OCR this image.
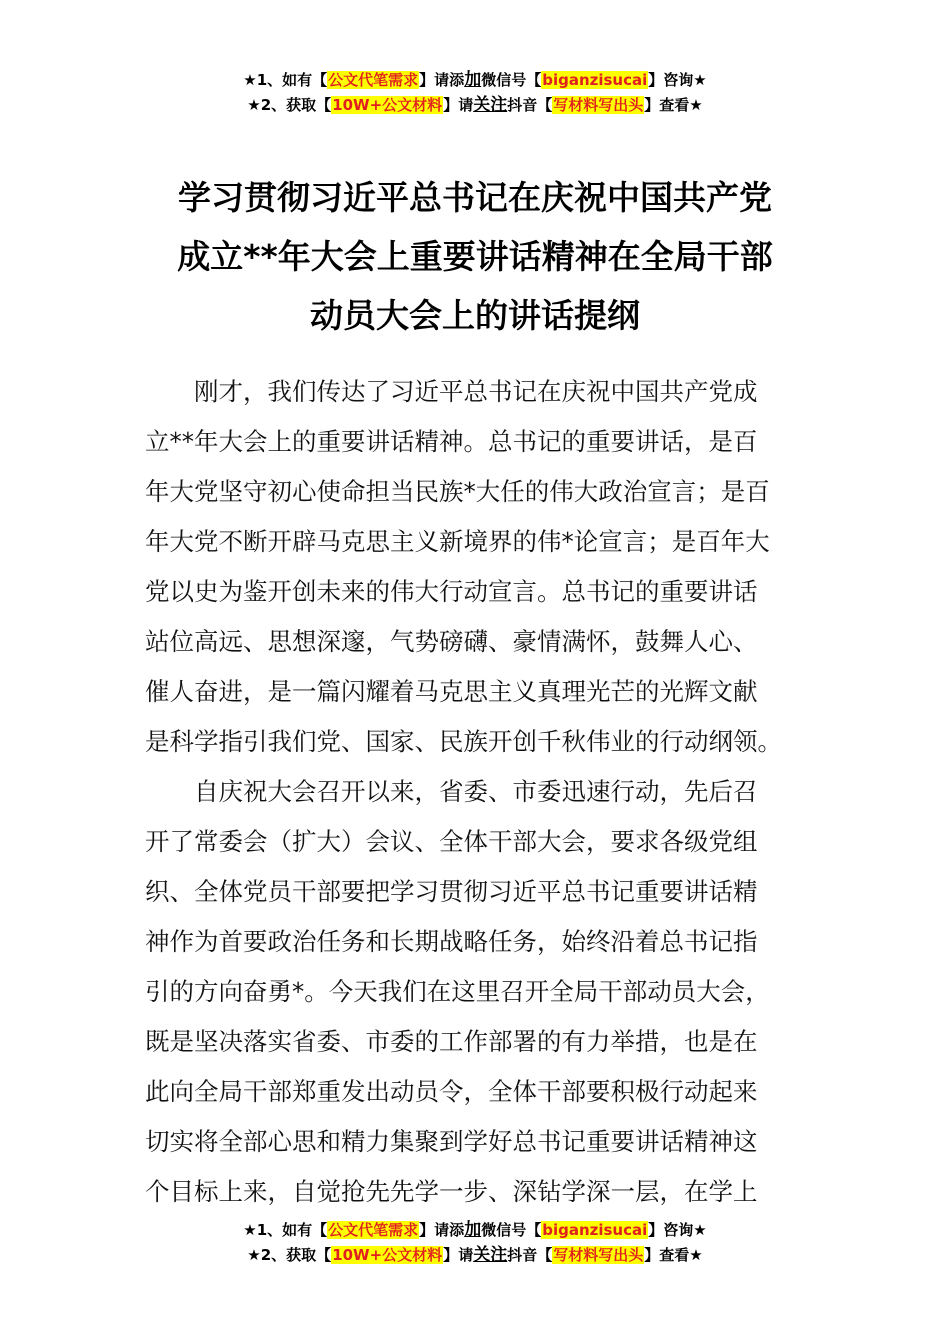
★1、如有【公文代笔需求】请添加微信号【biganzisucai】咨询★
★2、获取【10W+公文材料】请关注抖音【写材料写出头】查看★
学习贯彻习近平总书记在庆祝中国共产党
成立**年大会上重要讲话精神在全局干部
动员大会上的讲话提纲
刚才，我们传达了习近平总书记在庆祝中国共产党成
立**年大会上的重要讲话精神。总书记的重要讲话，是百
年大党坚守初心使命担当民族*大任的伟大政治宣言；是百
年大党不断开辟马克思主义新境界的伟*论宣言；是百年大
党以史为鉴开创未来的伟大行动宣言。总书记的重要讲话
站位高远、思想深邃，气势磅礴、豪情满怀，鼓舞人心、
催人奋进，是一篇闪耀着马克思主义真理光芒的光辉文献
是科学指引我们党、国家、民族开创千秋伟业的行动纲领。
自庆祝大会召开以来，省委、市委迅速行动，先后召
开了常委会（扩大）会议、全体干部大会，要求各级党组
织、全体党员干部要把学习贯彻习近平总书记重要讲话精
神作为首要政治任务和长期战略任务，始终沿着总书记指
引的方向奋勇*。今天我们在这里召开全局干部动员大会，
既是坚决落实省委、市委的工作部署的有力举措，也是在
此向全局干部郑重发出动员令，全体干部要积极行动起来
切实将全部心思和精力集聚到学好总书记重要讲话精神这
个目标上来，自觉抢先先学一步、深钻学深一层，在学上
★1、如有【公文代笔需求】请添加微信号【biganzisucai】咨询★
★2、获取【10W+公文材料】请关注抖音【写材料写出头】查看★
